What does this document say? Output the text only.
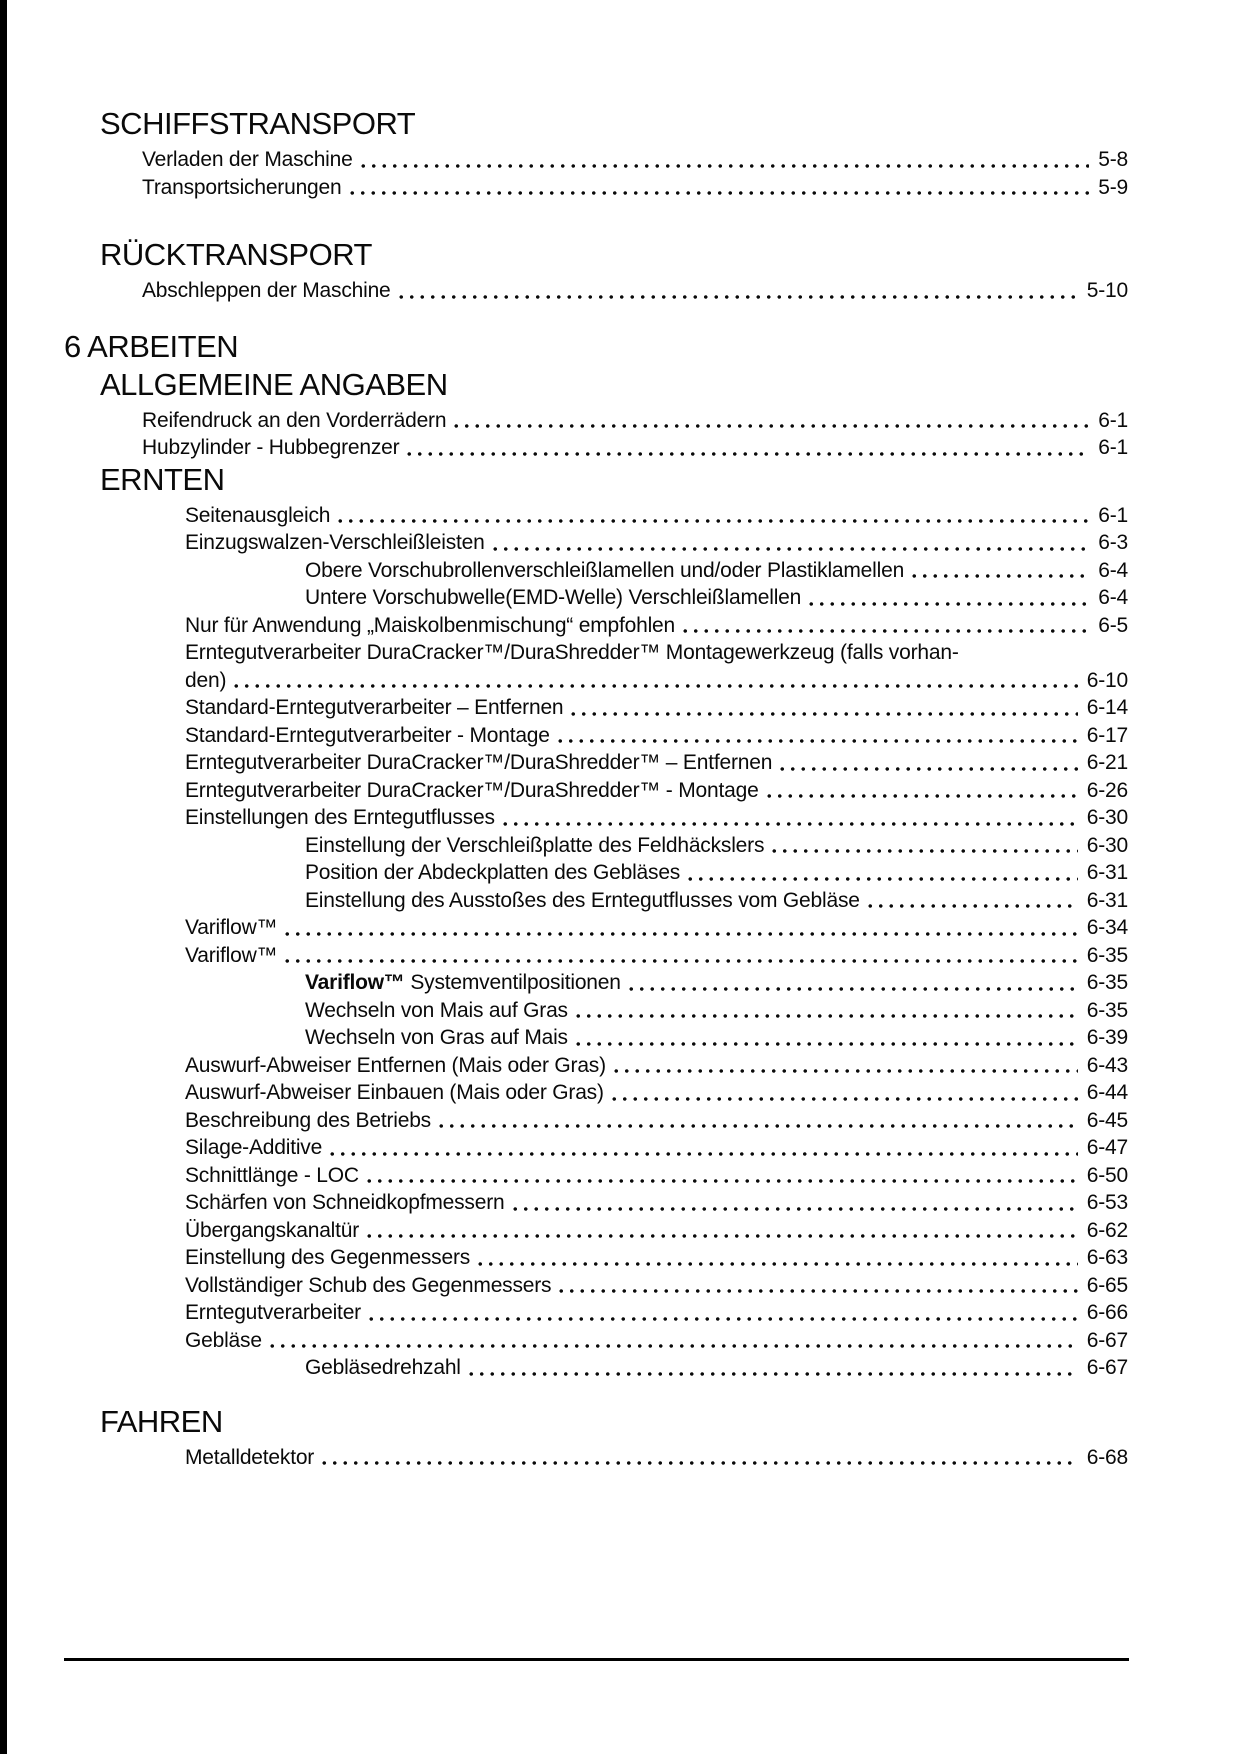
SCHIFFSTRANSPORT
Verladen der Maschine	5-8
Transportsicherungen	5-9
RÜCKTRANSPORT
Abschleppen der Maschine	5-10
6 ARBEITEN
ALLGEMEINE ANGABEN
Reifendruck an den Vorderrädern	6-1
Hubzylinder - Hubbegrenzer	6-1
ERNTEN
Seitenausgleich	6-1
Einzugswalzen-Verschleißleisten	6-3
Obere Vorschubrollenverschleißlamellen und/oder Plastiklamellen	6-4
Untere Vorschubwelle(EMD-Welle) Verschleißlamellen	6-4
Nur für Anwendung „Maiskolbenmischung“ empfohlen	6-5
Erntegutverarbeiter DuraCracker™/DuraShredder™ Montagewerkzeug (falls vorhan-
den)	6-10
Standard-Erntegutverarbeiter – Entfernen	6-14
Standard-Erntegutverarbeiter - Montage	6-17
Erntegutverarbeiter DuraCracker™/DuraShredder™ – Entfernen	6-21
Erntegutverarbeiter DuraCracker™/DuraShredder™ - Montage	6-26
Einstellungen des Erntegutflusses	6-30
Einstellung der Verschleißplatte des Feldhäckslers	6-30
Position der Abdeckplatten des Gebläses	6-31
Einstellung des Ausstoßes des Erntegutflusses vom Gebläse	6-31
Variflow™	6-34
Variflow™	6-35
Variflow™ Systemventilpositionen	6-35
Wechseln von Mais auf Gras	6-35
Wechseln von Gras auf Mais	6-39
Auswurf-Abweiser Entfernen (Mais oder Gras)	6-43
Auswurf-Abweiser Einbauen (Mais oder Gras)	6-44
Beschreibung des Betriebs	6-45
Silage-Additive	6-47
Schnittlänge - LOC	6-50
Schärfen von Schneidkopfmessern	6-53
Übergangskanaltür	6-62
Einstellung des Gegenmessers	6-63
Vollständiger Schub des Gegenmessers	6-65
Erntegutverarbeiter	6-66
Gebläse	6-67
Gebläsedrehzahl	6-67
FAHREN
Metalldetektor	6-68
